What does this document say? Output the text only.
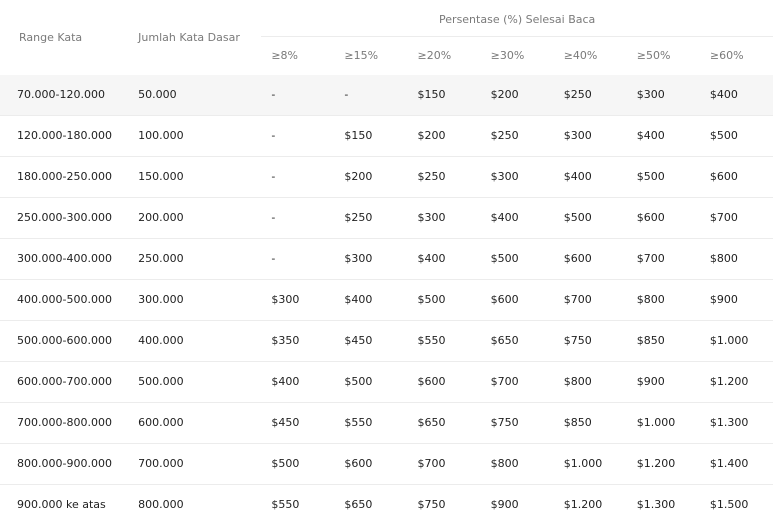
Range Kata	Jumlah Kata Dasar	Persentase (%) Selesai Baca						
		≥8%	≥15%	≥20%	≥30%	≥40%	≥50%	≥60%
70.000-120.000	50.000	-	-	$150	$200	$250	$300	$400
120.000-180.000	100.000	-	$150	$200	$250	$300	$400	$500
180.000-250.000	150.000	-	$200	$250	$300	$400	$500	$600
250.000-300.000	200.000	-	$250	$300	$400	$500	$600	$700
300.000-400.000	250.000	-	$300	$400	$500	$600	$700	$800
400.000-500.000	300.000	$300	$400	$500	$600	$700	$800	$900
500.000-600.000	400.000	$350	$450	$550	$650	$750	$850	$1.000
600.000-700.000	500.000	$400	$500	$600	$700	$800	$900	$1.200
700.000-800.000	600.000	$450	$550	$650	$750	$850	$1.000	$1.300
800.000-900.000	700.000	$500	$600	$700	$800	$1.000	$1.200	$1.400
900.000 ke atas	800.000	$550	$650	$750	$900	$1.200	$1.300	$1.500
